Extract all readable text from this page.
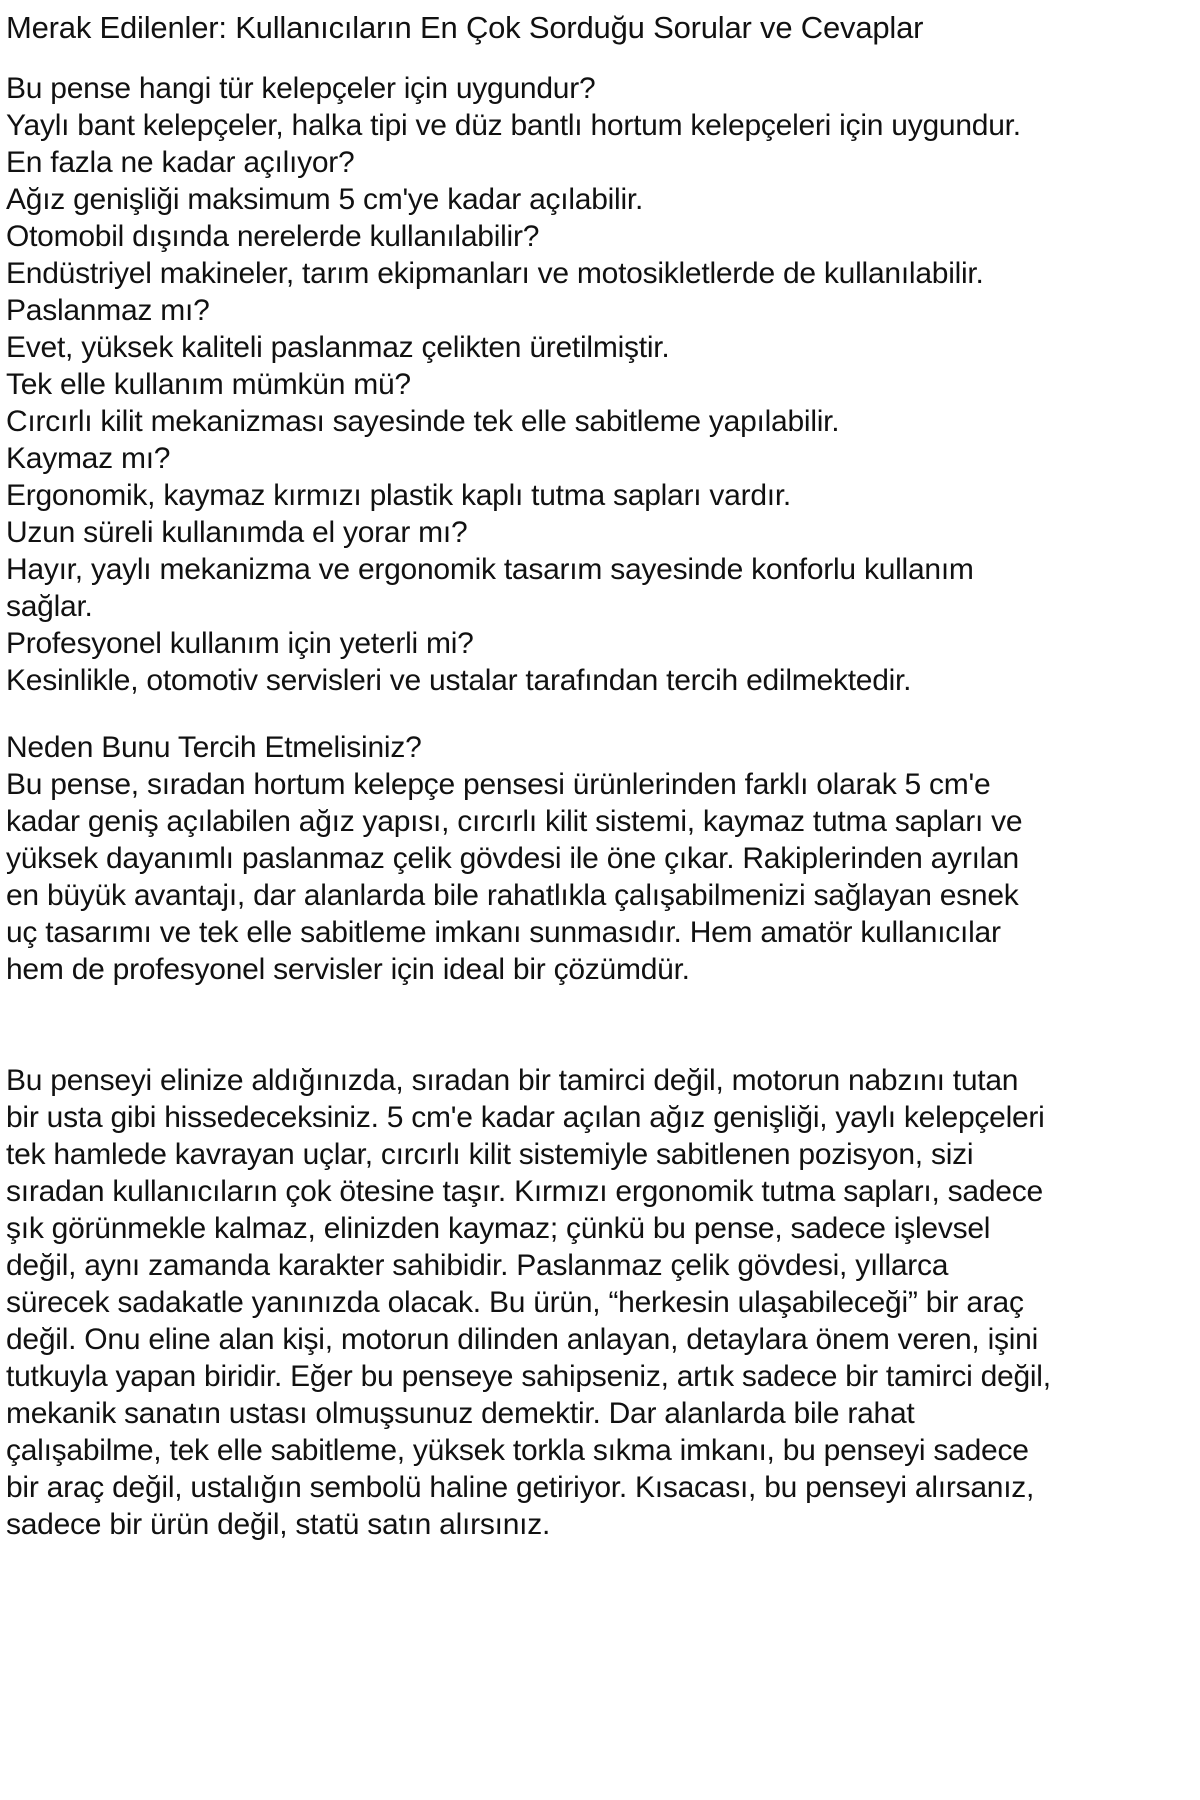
Merak Edilenler: Kullanıcıların En Çok Sorduğu Sorular ve Cevaplar

Bu pense hangi tür kelepçeler için uygundur?

Yaylı bant kelepçeler, halka tipi ve düz bantlı hortum kelepçeleri için uygundur.

En fazla ne kadar açılıyor?

Ağız genişliği maksimum 5 cm'ye kadar açılabilir.

Otomobil dışında nerelerde kullanılabilir?

Endüstriyel makineler, tarım ekipmanları ve motosikletlerde de kullanılabilir.

Paslanmaz mı?

Evet, yüksek kaliteli paslanmaz çelikten üretilmiştir.

Tek elle kullanım mümkün mü?

Cırcırlı kilit mekanizması sayesinde tek elle sabitleme yapılabilir.

Kaymaz mı?

Ergonomik, kaymaz kırmızı plastik kaplı tutma sapları vardır.

Uzun süreli kullanımda el yorar mı?

Hayır, yaylı mekanizma ve ergonomik tasarım sayesinde konforlu kullanım sağlar.

Profesyonel kullanım için yeterli mi?

Kesinlikle, otomotiv servisleri ve ustalar tarafından tercih edilmektedir.

Neden Bunu Tercih Etmelisiniz?

Bu pense, sıradan hortum kelepçe pensesi ürünlerinden farklı olarak 5 cm'e kadar geniş açılabilen ağız yapısı, cırcırlı kilit sistemi, kaymaz tutma sapları ve yüksek dayanımlı paslanmaz çelik gövdesi ile öne çıkar. Rakiplerinden ayrılan en büyük avantajı, dar alanlarda bile rahatlıkla çalışabilmenizi sağlayan esnek uç tasarımı ve tek elle sabitleme imkanı sunmasıdır. Hem amatör kullanıcılar hem de profesyonel servisler için ideal bir çözümdür.

Bu penseyi elinize aldığınızda, sıradan bir tamirci değil, motorun nabzını tutan bir usta gibi hissedeceksiniz. 5 cm'e kadar açılan ağız genişliği, yaylı kelepçeleri tek hamlede kavrayan uçlar, cırcırlı kilit sistemiyle sabitlenen pozisyon, sizi sıradan kullanıcıların çok ötesine taşır. Kırmızı ergonomik tutma sapları, sadece şık görünmekle kalmaz, elinizden kaymaz; çünkü bu pense, sadece işlevsel değil, aynı zamanda karakter sahibidir. Paslanmaz çelik gövdesi, yıllarca sürecek sadakatle yanınızda olacak. Bu ürün, “herkesin ulaşabileceği” bir araç değil. Onu eline alan kişi, motorun dilinden anlayan, detaylara önem veren, işini tutkuyla yapan biridir. Eğer bu penseye sahipseniz, artık sadece bir tamirci değil, mekanik sanatın ustası olmuşsunuz demektir. Dar alanlarda bile rahat çalışabilme, tek elle sabitleme, yüksek torkla sıkma imkanı, bu penseyi sadece bir araç değil, ustalığın sembolü haline getiriyor. Kısacası, bu penseyi alırsanız, sadece bir ürün değil, statü satın alırsınız.
